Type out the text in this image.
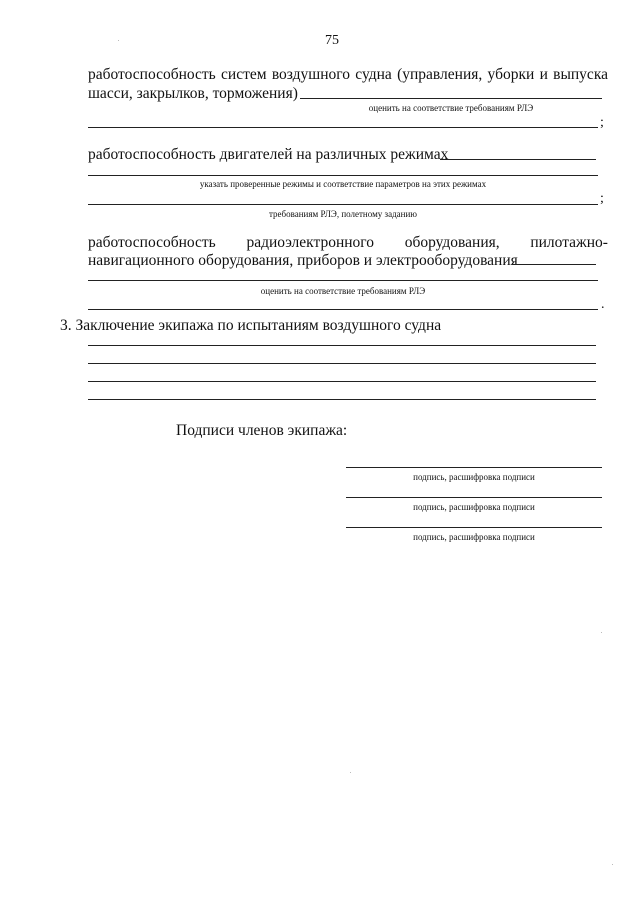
75
работоспособность систем воздушного судна (управления, уборки и выпуска
шасси, закрылков, торможения)
оценить на соответствие требованиям РЛЭ
;
работоспособность двигателей на различных режимах
указать проверенные режимы и соответствие параметров на этих режимах
;
требованиям РЛЭ, полетному заданию
работоспособность радиоэлектронного оборудования, пилотажно-
навигационного оборудования, приборов и электрооборудования
оценить на соответствие требованиям РЛЭ
.
3. Заключение экипажа по испытаниям воздушного судна
Подписи членов экипажа:
подпись, расшифровка подписи
подпись, расшифровка подписи
подпись, расшифровка подписи
